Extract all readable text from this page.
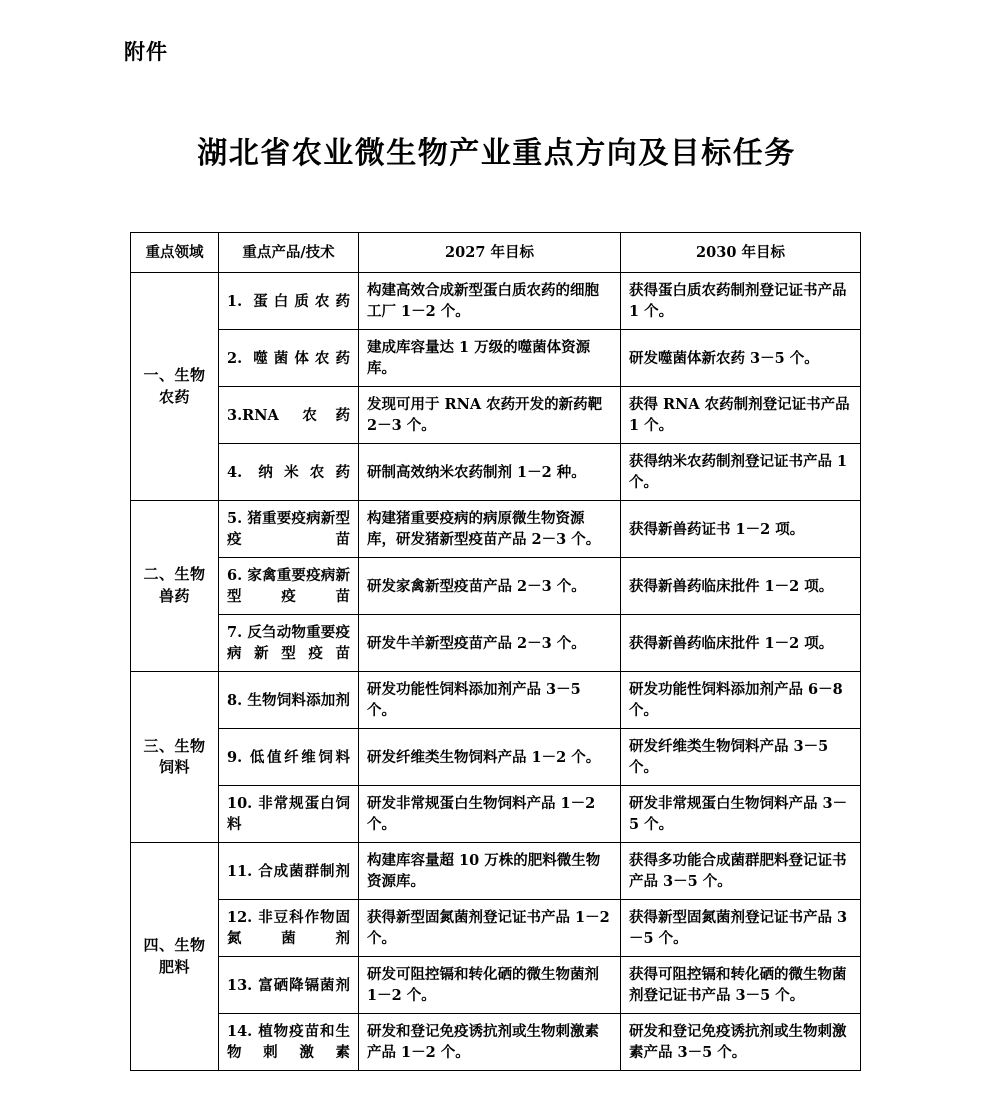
附件
湖北省农业微生物产业重点方向及目标任务
重点领域	重点产品/技术	2027 年目标	2030 年目标
一、生物农药	1. 蛋白质农药	构建高效合成新型蛋白质农药的细胞工厂 1－2 个。	获得蛋白质农药制剂登记证书产品 1 个。
	2. 噬菌体农药	建成库容量达 1 万级的噬菌体资源库。	研发噬菌体新农药 3－5 个。
	3.RNA 农药	发现可用于 RNA 农药开发的新药靶 2－3 个。	获得 RNA 农药制剂登记证书产品 1 个。
	4. 纳米农药	研制高效纳米农药制剂 1－2 种。	获得纳米农药制剂登记证书产品 1 个。
二、生物兽药	5. 猪重要疫病新型疫苗	构建猪重要疫病的病原微生物资源库，研发猪新型疫苗产品 2－3 个。	获得新兽药证书 1－2 项。
	6. 家禽重要疫病新型疫苗	研发家禽新型疫苗产品 2－3 个。	获得新兽药临床批件 1－2 项。
	7. 反刍动物重要疫病新型疫苗	研发牛羊新型疫苗产品 2－3 个。	获得新兽药临床批件 1－2 项。
三、生物饲料	8. 生物饲料添加剂	研发功能性饲料添加剂产品 3－5 个。	研发功能性饲料添加剂产品 6－8 个。
	9. 低值纤维饲料	研发纤维类生物饲料产品 1－2 个。	研发纤维类生物饲料产品 3－5 个。
	10. 非常规蛋白饲料	研发非常规蛋白生物饲料产品 1－2 个。	研发非常规蛋白生物饲料产品 3－5 个。
四、生物肥料	11. 合成菌群制剂	构建库容量超 10 万株的肥料微生物资源库。	获得多功能合成菌群肥料登记证书产品 3－5 个。
	12. 非豆科作物固氮菌剂	获得新型固氮菌剂登记证书产品 1－2 个。	获得新型固氮菌剂登记证书产品 3－5 个。
	13. 富硒降镉菌剂	研发可阻控镉和转化硒的微生物菌剂 1－2 个。	获得可阻控镉和转化硒的微生物菌剂登记证书产品 3－5 个。
	14. 植物疫苗和生物刺激素	研发和登记免疫诱抗剂或生物刺激素产品 1－2 个。	研发和登记免疫诱抗剂或生物刺激素产品 3－5 个。
